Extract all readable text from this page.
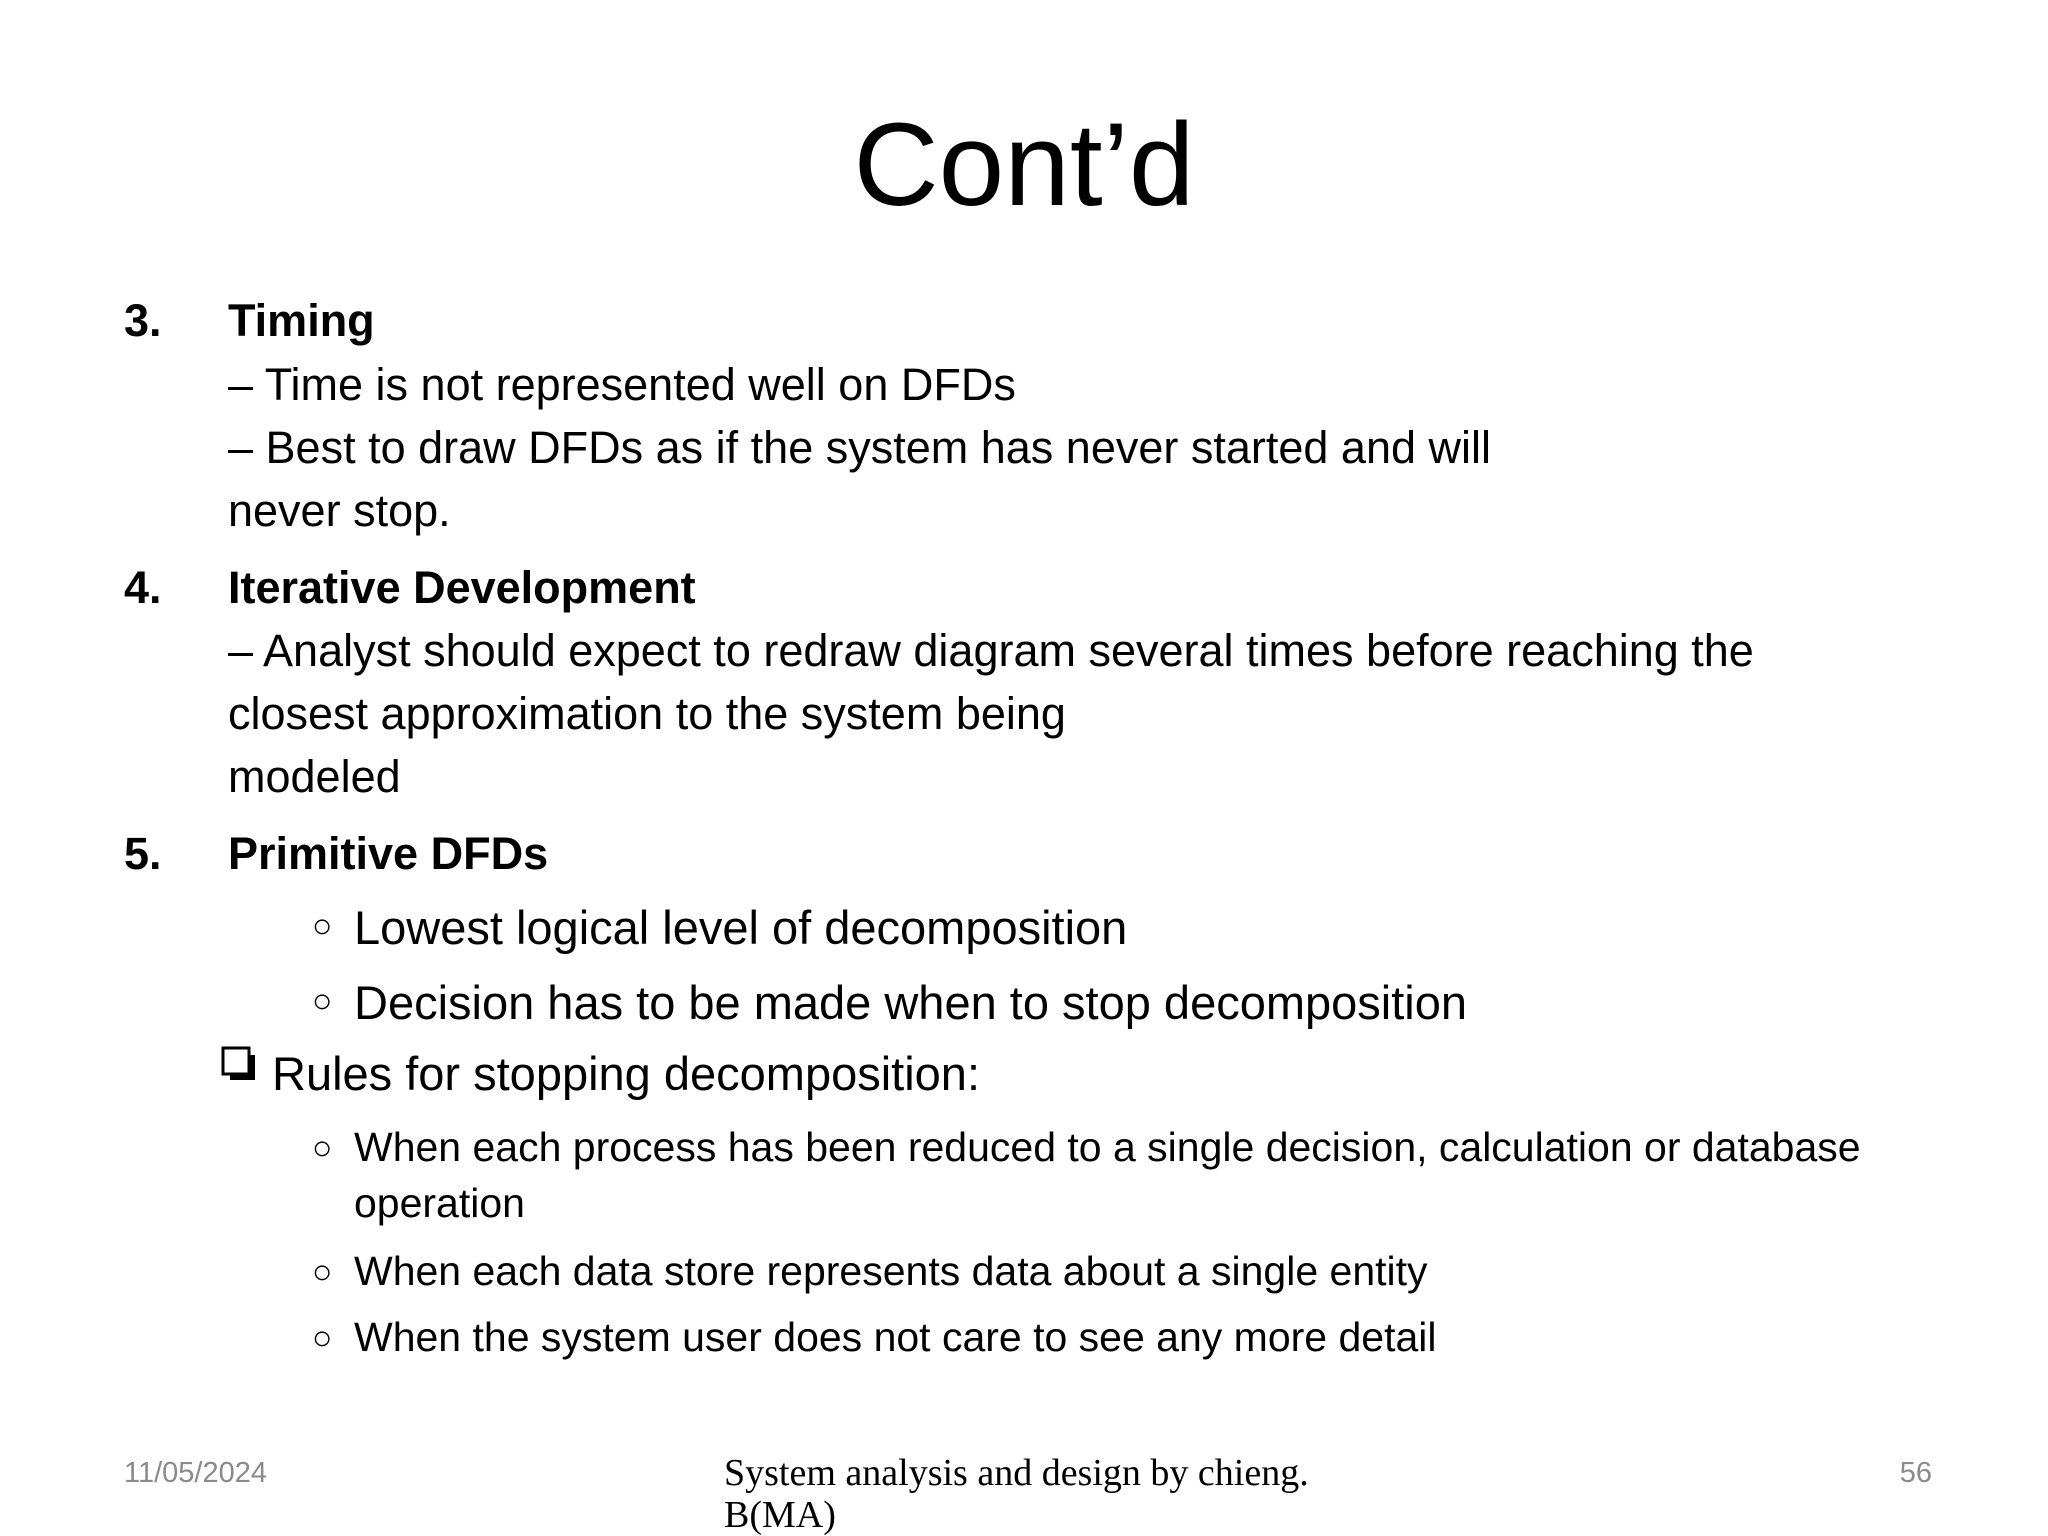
Cont’d
3. Timing
– Time is not represented well on DFDs
– Best to draw DFDs as if the system has never started and will
never stop.
4. Iterative Development
– Analyst should expect to redraw diagram several times before reaching the
closest approximation to the system being
modeled
5. Primitive DFDs
○ Lowest logical level of decomposition
○ Decision has to be made when to stop decomposition
Rules for stopping decomposition:
○ When each process has been reduced to a single decision, calculation or database
operation
○ When each data store represents data about a single entity
○ When the system user does not care to see any more detail
11/05/2024	System analysis and design by chieng.
B(MA)
56
